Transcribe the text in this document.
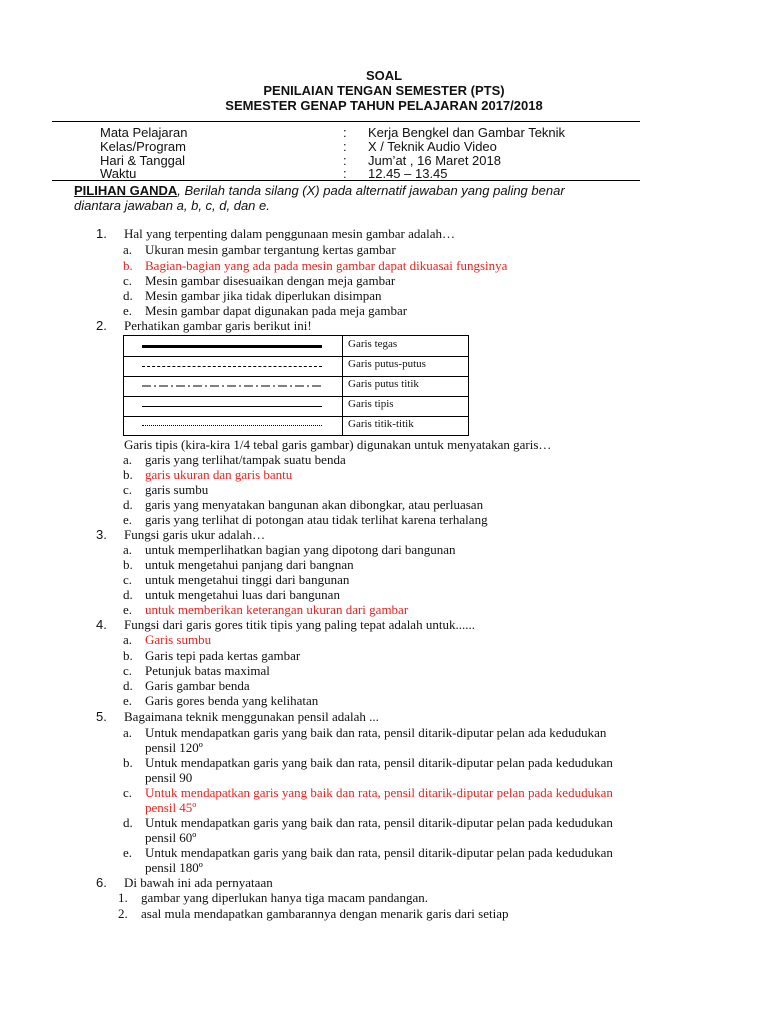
SOAL
PENILAIAN TENGAN SEMESTER (PTS)
SEMESTER GENAP TAHUN PELAJARAN 2017/2018
Mata Pelajaran	: Kerja Bengkel dan Gambar Teknik
Kelas/Program	: X / Teknik Audio Video
Hari & Tanggal	: Jum’at , 16 Maret 2018
Waktu	: 12.45 – 13.45
PILIHAN GANDA, Berilah tanda silang (X) pada alternatif jawaban yang paling benar
diantara jawaban a, b, c, d, dan e.
1. Hal yang terpenting dalam penggunaan mesin gambar adalah…
a. Ukuran mesin gambar tergantung kertas gambar
b. Bagian-bagian yang ada pada mesin gambar dapat dikuasai fungsinya
c. Mesin gambar disesuaikan dengan meja gambar
d. Mesin gambar jika tidak diperlukan disimpan
e. Mesin gambar dapat digunakan pada meja gambar
2. Perhatikan gambar garis berikut ini!
Garis tegas
Garis putus-putus
Garis putus titik
Garis tipis
Garis titik-titik
Garis tipis (kira-kira 1/4 tebal garis gambar) digunakan untuk menyatakan garis…
a. garis yang terlihat/tampak suatu benda
b. garis ukuran dan garis bantu
c. garis sumbu
d. garis yang menyatakan bangunan akan dibongkar, atau perluasan
e. garis yang terlihat di potongan atau tidak terlihat karena terhalang
3. Fungsi garis ukur adalah…
a. untuk memperlihatkan bagian yang dipotong dari bangunan
b. untuk mengetahui panjang dari bangnan
c. untuk mengetahui tinggi dari bangunan
d. untuk mengetahui luas dari bangunan
e. untuk memberikan keterangan ukuran dari gambar
4. Fungsi dari garis gores titik tipis yang paling tepat adalah untuk......
a. Garis sumbu
b. Garis tepi pada kertas gambar
c. Petunjuk batas maximal
d. Garis gambar benda
e. Garis gores benda yang kelihatan
5. Bagaimana teknik menggunakan pensil adalah ...
a. Untuk mendapatkan garis yang baik dan rata, pensil ditarik-diputar pelan ada kedudukan
pensil 120º
b. Untuk mendapatkan garis yang baik dan rata, pensil ditarik-diputar pelan pada kedudukan
pensil 90
c. Untuk mendapatkan garis yang baik dan rata, pensil ditarik-diputar pelan pada kedudukan
pensil 45º
d. Untuk mendapatkan garis yang baik dan rata, pensil ditarik-diputar pelan pada kedudukan
pensil 60º
e. Untuk mendapatkan garis yang baik dan rata, pensil ditarik-diputar pelan pada kedudukan
pensil 180º
6. Di bawah ini ada pernyataan
1. gambar yang diperlukan hanya tiga macam pandangan.
2. asal mula mendapatkan gambarannya dengan menarik garis dari setiap
